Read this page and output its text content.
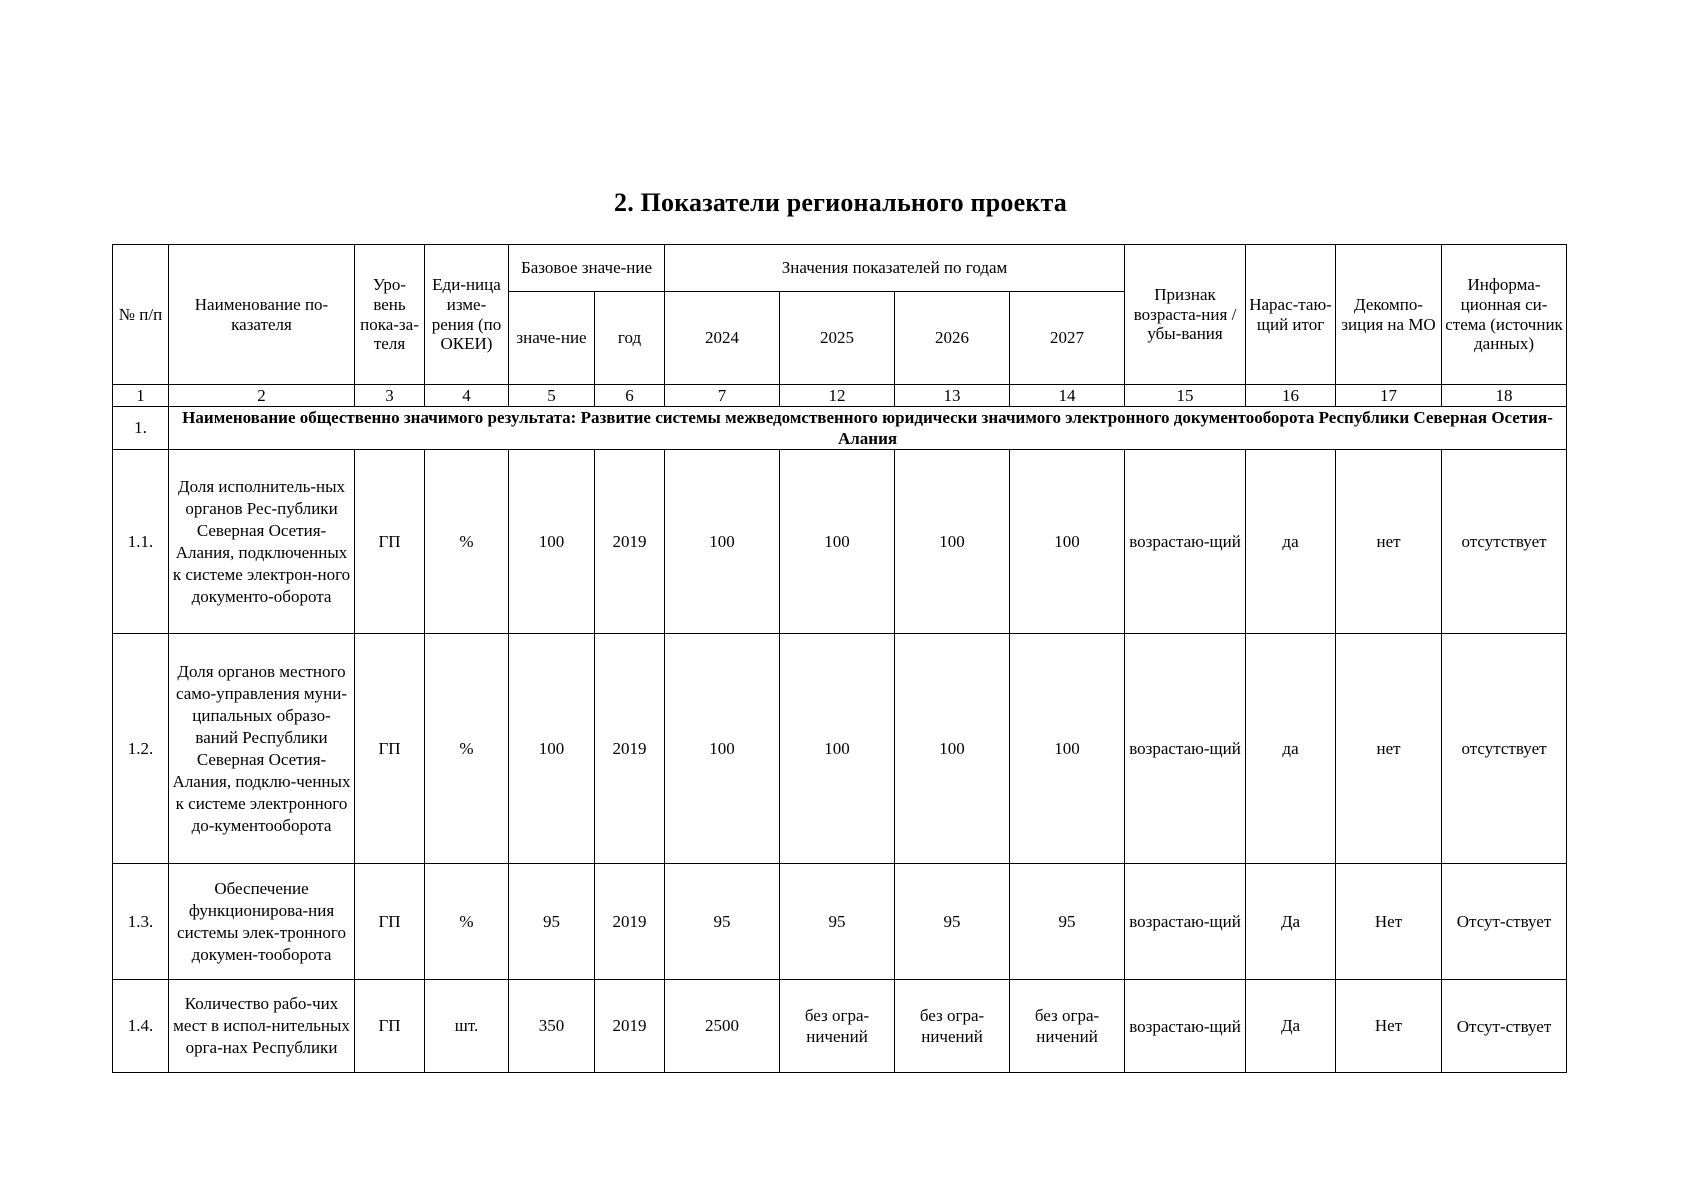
2. Показатели регионального проекта
№ п/п	Наименование по-казателя	Уро-вень пока-за-теля	Еди-ница изме-рения (по ОКЕИ)	Базовое значе-ние		Значения показателей по годам				Признак возраста-ния / убы-вания	Нарас-таю-щий итог	Декомпо-зиция на МО	Информа-ционная си-стема (источник данных)
				значе-ние	год	2024	2025	2026	2027				
1	2	3	4	5	6	7	12	13	14	15	16	17	18
1.	Наименование общественно значимого результата: Развитие системы межведомственного юридически значимого электронного документооборота Республики Северная Осетия-Алания												
1.1.	Доля исполнитель-ных органов Рес-публики Северная Осетия-Алания, подключенных к системе электрон-ного документо-оборота	ГП	%	100	2019	100	100	100	100	возрастаю-щий	да	нет	отсутствует
1.2.	Доля органов местного само-управления муни-ципальных образо-ваний Республики Северная Осетия-Алания, подклю-ченных к системе электронного до-кументооборота	ГП	%	100	2019	100	100	100	100	возрастаю-щий	да	нет	отсутствует
1.3.	Обеспечение функционирова-ния системы элек-тронного докумен-тооборота	ГП	%	95	2019	95	95	95	95	возрастаю-щий	Да	Нет	Отсут-ствует
1.4.	Количество рабо-чих мест в испол-нительных орга-нах Республики	ГП	шт.	350	2019	2500	без огра-ничений	без огра-ничений	без огра-ничений	возрастаю-щий	Да	Нет	Отсут-ствует
